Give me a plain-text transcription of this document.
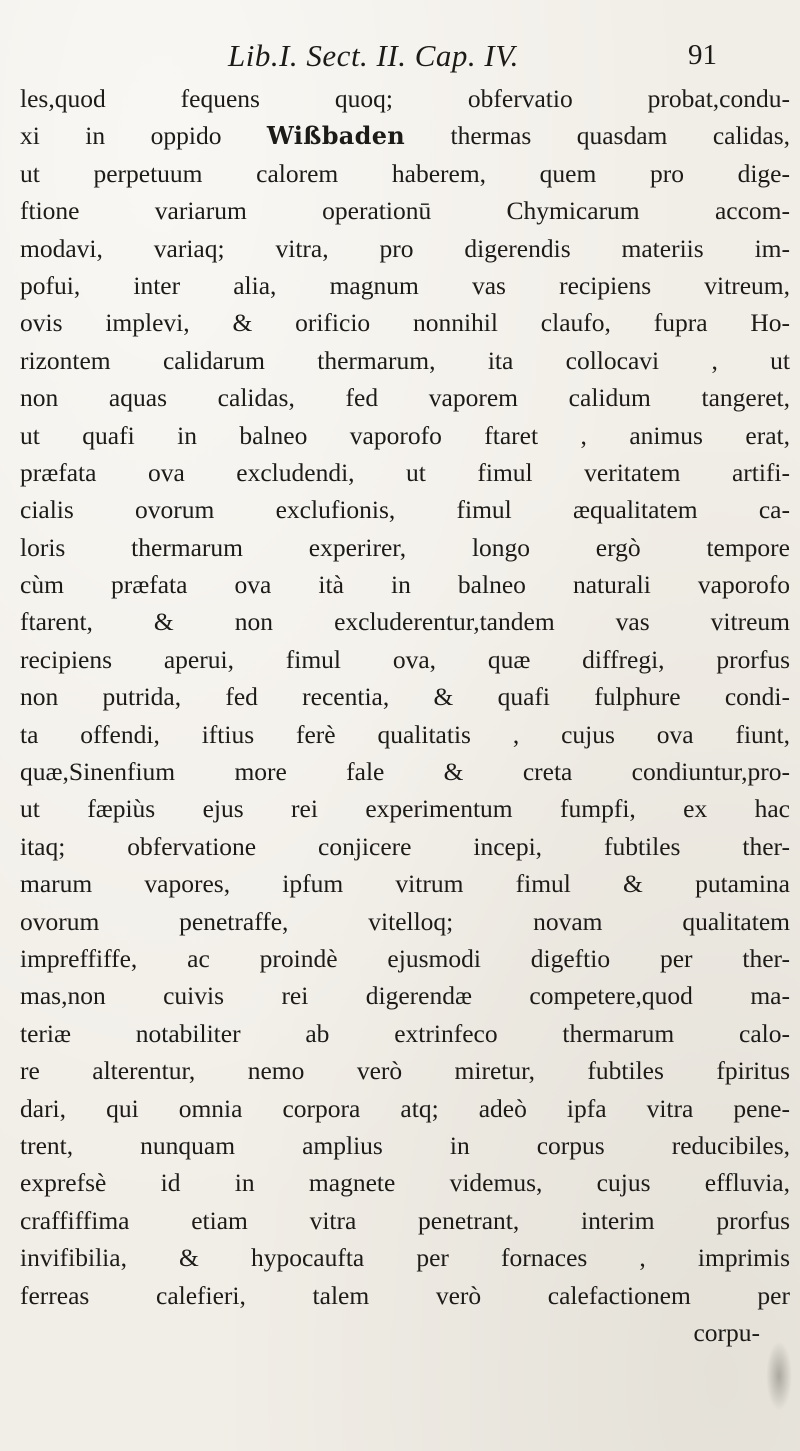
Lib.I. Sect. II. Cap. IV.	91
les,quod fequens quoq; obfervatio probat,condu-
xi in oppido Wißbaden thermas quasdam calidas,
ut perpetuum calorem haberem, quem pro dige-
ftione variarum operationū Chymicarum accom-
modavi, variaq; vitra, pro digerendis materiis im-
pofui, inter alia, magnum vas recipiens vitreum,
ovis implevi, & orificio nonnihil claufo, fupra Ho-
rizontem calidarum thermarum, ita collocavi , ut
non aquas calidas, fed vaporem calidum tangeret,
ut quafi in balneo vaporofo ftaret , animus erat,
præfata ova excludendi, ut fimul veritatem artifi-
cialis ovorum exclufionis, fimul æqualitatem ca-
loris thermarum experirer, longo ergò tempore
cùm præfata ova ità in balneo naturali vaporofo
ftarent, & non excluderentur,tandem vas vitreum
recipiens aperui, fimul ova, quæ diffregi, prorfus
non putrida, fed recentia, & quafi fulphure condi-
ta offendi, iftius ferè qualitatis , cujus ova fiunt,
quæ,Sinenfium more fale & creta condiuntur,pro-
ut fæpiùs ejus rei experimentum fumpfi, ex hac
itaq; obfervatione conjicere incepi, fubtiles ther-
marum vapores, ipfum vitrum fimul & putamina
ovorum penetraffe, vitelloq; novam qualitatem
impreffiffe, ac proindè ejusmodi digeftio per ther-
mas,non cuivis rei digerendæ competere,quod ma-
teriæ notabiliter ab extrinfeco thermarum calo-
re alterentur, nemo verò miretur, fubtiles fpiritus
dari, qui omnia corpora atq; adeò ipfa vitra pene-
trent, nunquam amplius in corpus reducibiles,
exprefsè id in magnete videmus, cujus effluvia,
craffiffima etiam vitra penetrant, interim prorfus
invifibilia, & hypocaufta per fornaces , imprimis
ferreas calefieri, talem verò calefactionem per
corpu-
